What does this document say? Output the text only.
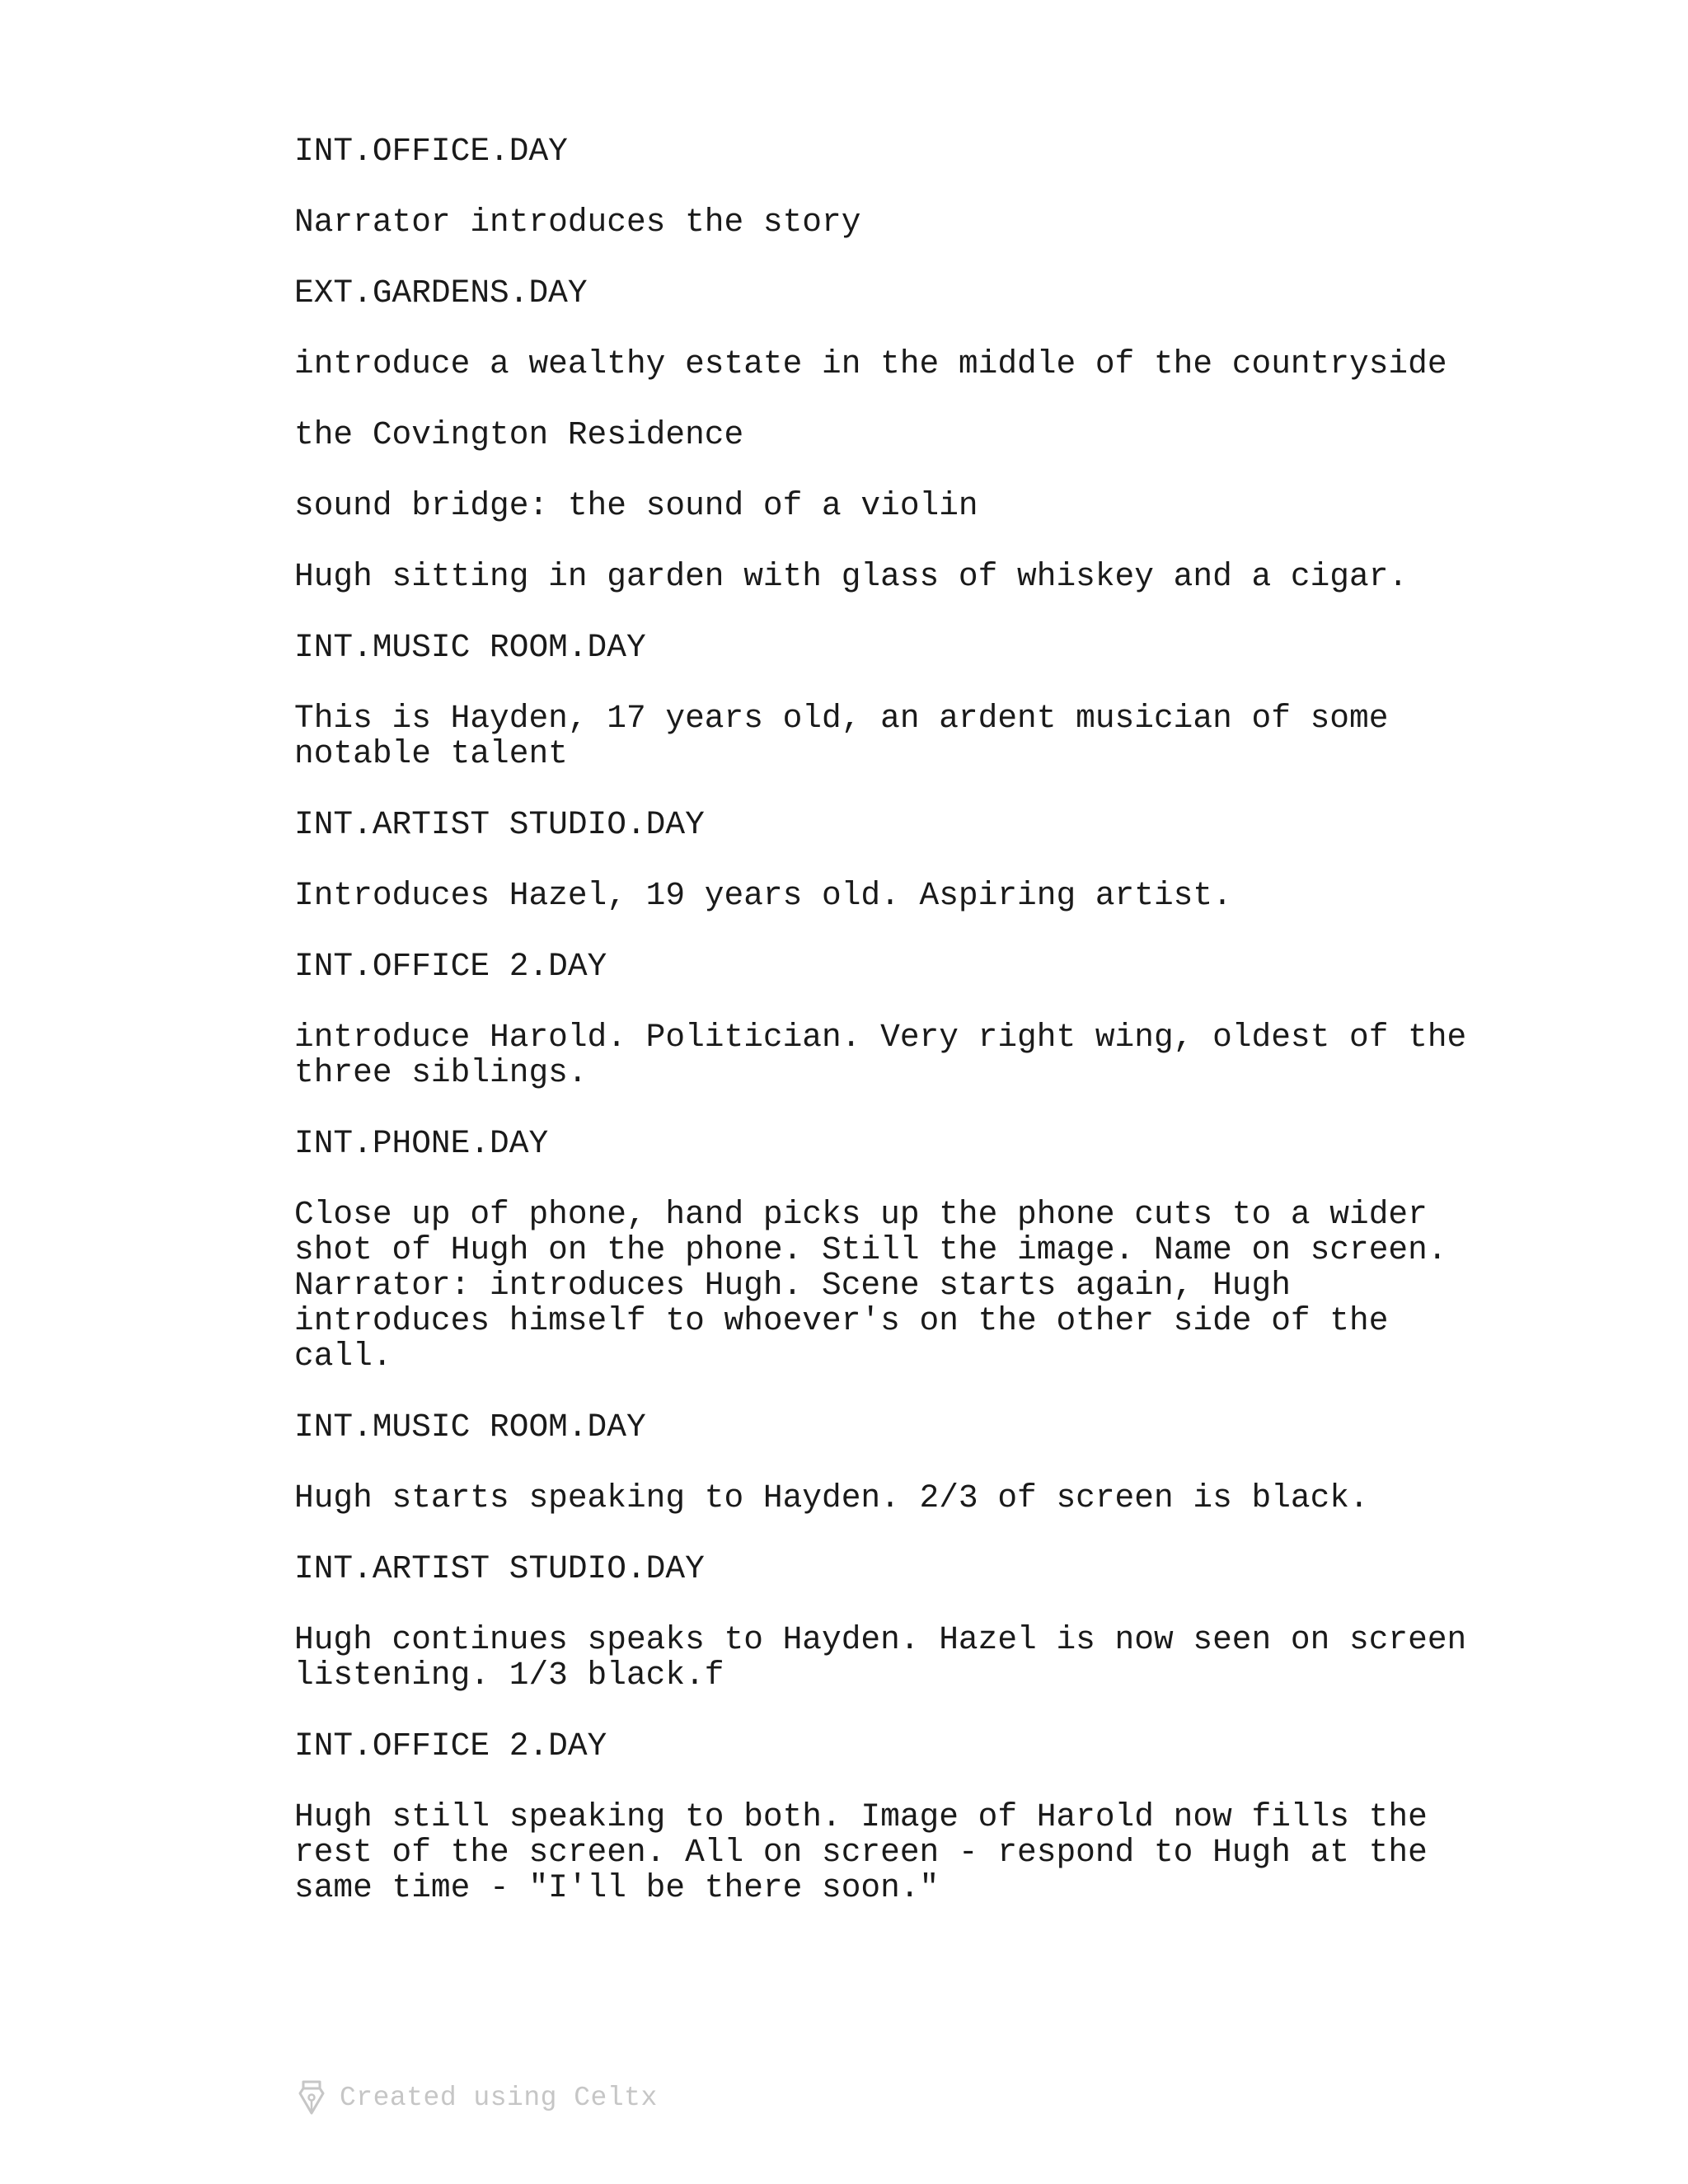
INT.OFFICE.DAY

Narrator introduces the story

EXT.GARDENS.DAY

introduce a wealthy estate in the middle of the countryside

the Covington Residence

sound bridge: the sound of a violin

Hugh sitting in garden with glass of whiskey and a cigar.

INT.MUSIC ROOM.DAY

This is Hayden, 17 years old, an ardent musician of some
notable talent

INT.ARTIST STUDIO.DAY

Introduces Hazel, 19 years old. Aspiring artist.

INT.OFFICE 2.DAY

introduce Harold. Politician. Very right wing, oldest of the
three siblings.

INT.PHONE.DAY

Close up of phone, hand picks up the phone cuts to a wider
shot of Hugh on the phone. Still the image. Name on screen.
Narrator: introduces Hugh. Scene starts again, Hugh
introduces himself to whoever's on the other side of the
call.

INT.MUSIC ROOM.DAY

Hugh starts speaking to Hayden. 2/3 of screen is black.

INT.ARTIST STUDIO.DAY

Hugh continues speaks to Hayden. Hazel is now seen on screen
listening. 1/3 black.f

INT.OFFICE 2.DAY

Hugh still speaking to both. Image of Harold now fills the
rest of the screen. All on screen - respond to Hugh at the
same time - "I'll be there soon."

Created using Celtx
